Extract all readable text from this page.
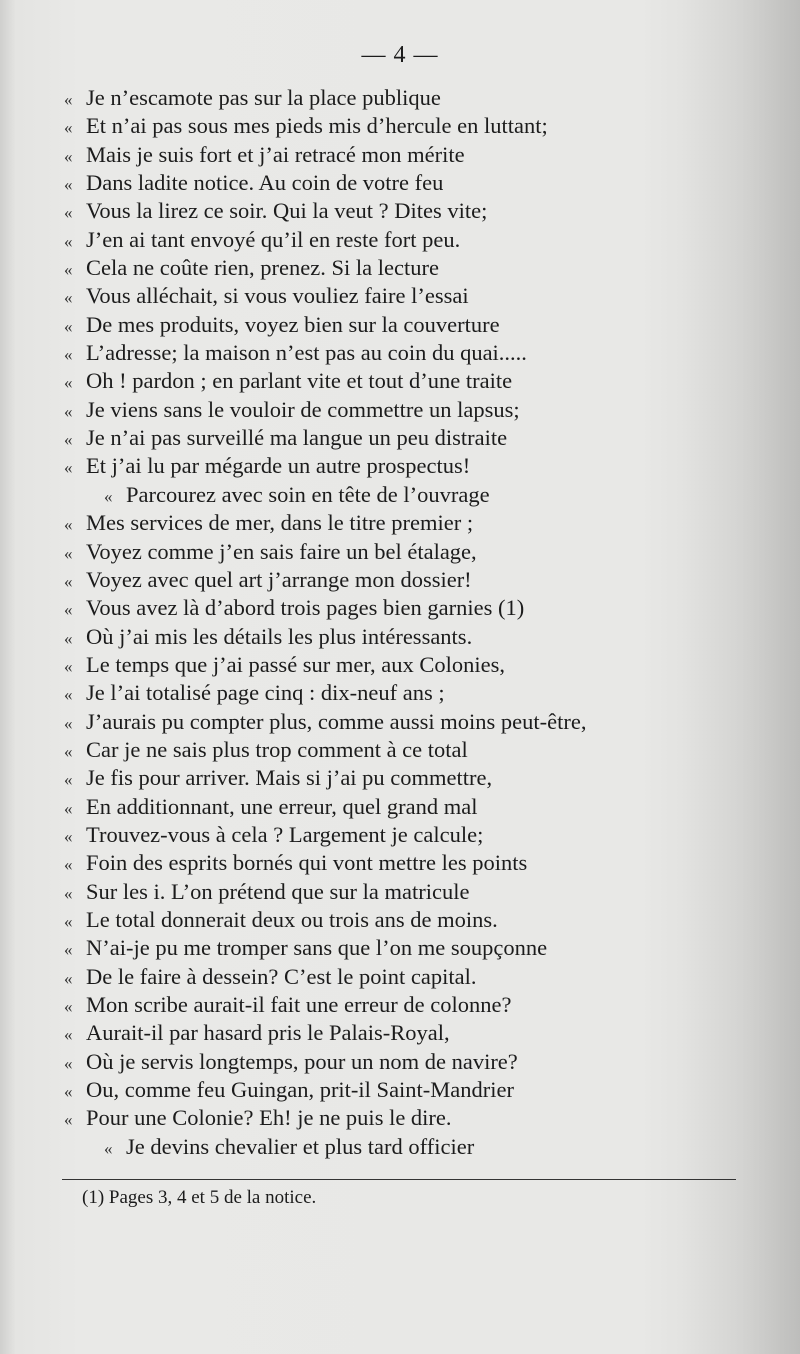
— 4 —
« Je n’escamote pas sur la place publique
« Et n’ai pas sous mes pieds mis d’hercule en luttant;
« Mais je suis fort et j’ai retracé mon mérite
« Dans ladite notice. Au coin de votre feu
« Vous la lirez ce soir. Qui la veut ? Dites vite;
« J’en ai tant envoyé qu’il en reste fort peu.
« Cela ne coûte rien, prenez. Si la lecture
« Vous alléchait, si vous vouliez faire l’essai
« De mes produits, voyez bien sur la couverture
« L’adresse; la maison n’est pas au coin du quai.....
« Oh ! pardon ; en parlant vite et tout d’une traite
« Je viens sans le vouloir de commettre un lapsus;
« Je n’ai pas surveillé ma langue un peu distraite
« Et j’ai lu par mégarde un autre prospectus!
« Parcourez avec soin en tête de l’ouvrage
« Mes services de mer, dans le titre premier ;
« Voyez comme j’en sais faire un bel étalage,
« Voyez avec quel art j’arrange mon dossier!
« Vous avez là d’abord trois pages bien garnies (1)
« Où j’ai mis les détails les plus intéressants.
« Le temps que j’ai passé sur mer, aux Colonies,
« Je l’ai totalisé page cinq : dix-neuf ans ;
« J’aurais pu compter plus, comme aussi moins peut-être,
« Car je ne sais plus trop comment à ce total
« Je fis pour arriver. Mais si j’ai pu commettre,
« En additionnant, une erreur, quel grand mal
« Trouvez-vous à cela ? Largement je calcule;
« Foin des esprits bornés qui vont mettre les points
« Sur les i. L’on prétend que sur la matricule
« Le total donnerait deux ou trois ans de moins.
« N’ai-je pu me tromper sans que l’on me soupçonne
« De le faire à dessein? C’est le point capital.
« Mon scribe aurait-il fait une erreur de colonne?
« Aurait-il par hasard pris le Palais-Royal,
« Où je servis longtemps, pour un nom de navire?
« Ou, comme feu Guingan, prit-il Saint-Mandrier
« Pour une Colonie? Eh! je ne puis le dire.
« Je devins chevalier et plus tard officier
(1) Pages 3, 4 et 5 de la notice.
